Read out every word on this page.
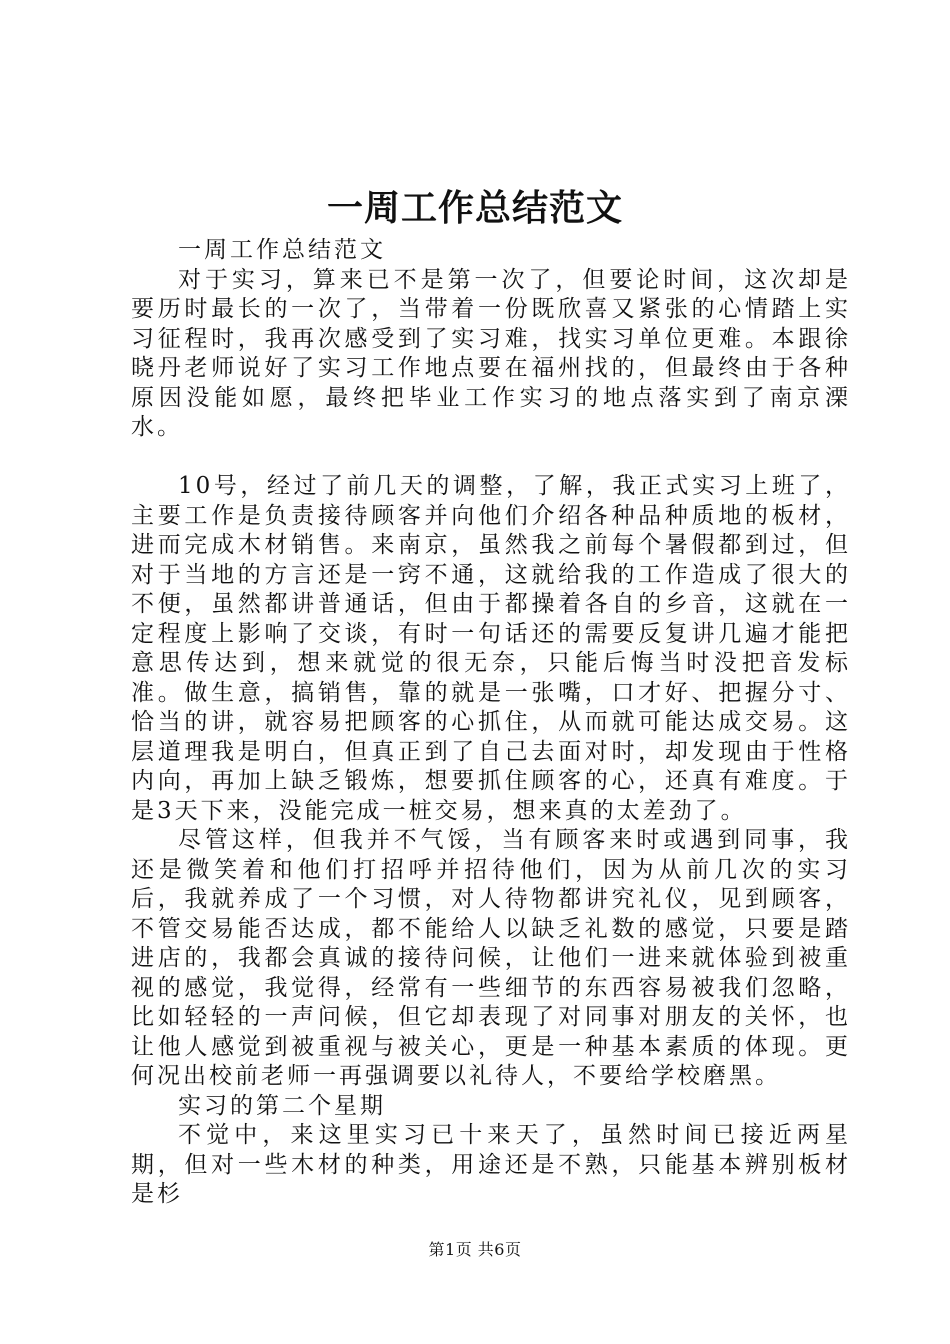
一周工作总结范文

一周工作总结范文

对于实习，算来已不是第一次了，但要论时间，这次却是要历时最长的一次了，当带着一份既欣喜又紧张的心情踏上实习征程时，我再次感受到了实习难，找实习单位更难。本跟徐晓丹老师说好了实习工作地点要在福州找的，但最终由于各种原因没能如愿，最终把毕业工作实习的地点落实到了南京溧水。

10号，经过了前几天的调整，了解，我正式实习上班了，主要工作是负责接待顾客并向他们介绍各种品种质地的板材，进而完成木材销售。来南京，虽然我之前每个暑假都到过，但对于当地的方言还是一窍不通，这就给我的工作造成了很大的不便，虽然都讲普通话，但由于都操着各自的乡音，这就在一定程度上影响了交谈，有时一句话还的需要反复讲几遍才能把意思传达到，想来就觉的很无奈，只能后悔当时没把音发标准。做生意，搞销售，靠的就是一张嘴，口才好、把握分寸、恰当的讲，就容易把顾客的心抓住，从而就可能达成交易。这层道理我是明白，但真正到了自己去面对时，却发现由于性格内向，再加上缺乏锻炼，想要抓住顾客的心，还真有难度。于是3天下来，没能完成一桩交易，想来真的太差劲了。

尽管这样，但我并不气馁，当有顾客来时或遇到同事，我还是微笑着和他们打招呼并招待他们，因为从前几次的实习后，我就养成了一个习惯，对人待物都讲究礼仪，见到顾客，不管交易能否达成，都不能给人以缺乏礼数的感觉，只要是踏进店的，我都会真诚的接待问候，让他们一进来就体验到被重视的感觉，我觉得，经常有一些细节的东西容易被我们忽略，比如轻轻的一声问候，但它却表现了对同事对朋友的关怀，也让他人感觉到被重视与被关心，更是一种基本素质的体现。更何况出校前老师一再强调要以礼待人，不要给学校磨黑。

实习的第二个星期

不觉中，来这里实习已十来天了，虽然时间已接近两星期，但对一些木材的种类，用途还是不熟，只能基本辨别板材是杉

第1页 共6页
